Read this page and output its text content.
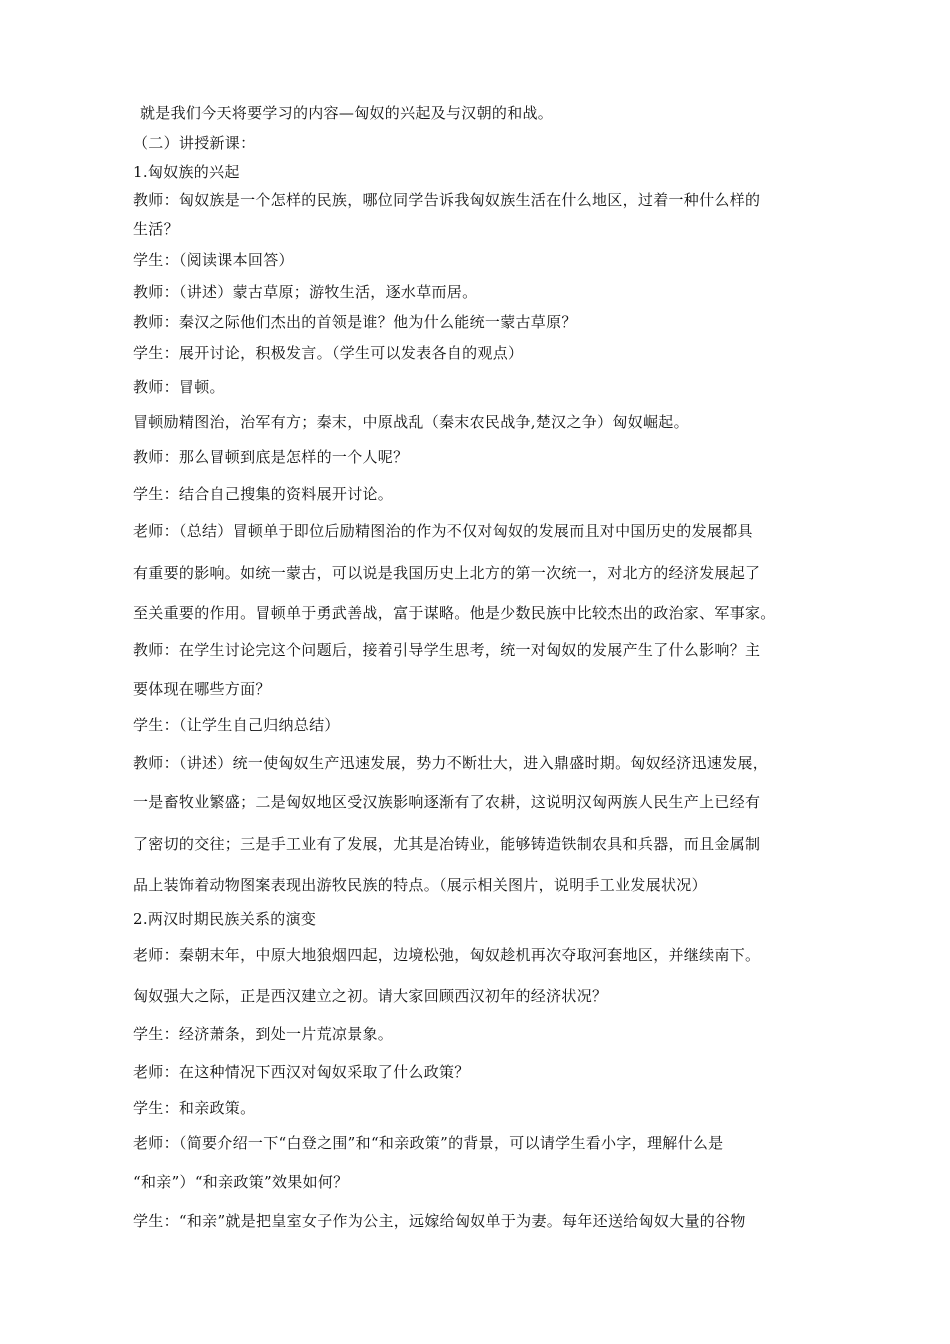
就是我们今天将要学习的内容—匈奴的兴起及与汉朝的和战。
（二）讲授新课：
1.匈奴族的兴起
教师：匈奴族是一个怎样的民族，哪位同学告诉我匈奴族生活在什么地区，过着一种什么样的
生活？
学生：（阅读课本回答）
教师：（讲述）蒙古草原；游牧生活，逐水草而居。
教师：秦汉之际他们杰出的首领是谁？他为什么能统一蒙古草原？
学生：展开讨论，积极发言。（学生可以发表各自的观点）
教师：冒顿。
冒顿励精图治，治军有方；秦末，中原战乱（秦末农民战争,楚汉之争）匈奴崛起。
教师：那么冒顿到底是怎样的一个人呢？
学生：结合自己搜集的资料展开讨论。
老师：（总结）冒顿单于即位后励精图治的作为不仅对匈奴的发展而且对中国历史的发展都具
有重要的影响。如统一蒙古，可以说是我国历史上北方的第一次统一，对北方的经济发展起了
至关重要的作用。冒顿单于勇武善战，富于谋略。他是少数民族中比较杰出的政治家、军事家。
教师：在学生讨论完这个问题后，接着引导学生思考，统一对匈奴的发展产生了什么影响？主
要体现在哪些方面？
学生：（让学生自己归纳总结）
教师：（讲述）统一使匈奴生产迅速发展，势力不断壮大，进入鼎盛时期。匈奴经济迅速发展，
一是畜牧业繁盛；二是匈奴地区受汉族影响逐渐有了农耕，这说明汉匈两族人民生产上已经有
了密切的交往；三是手工业有了发展，尤其是冶铸业，能够铸造铁制农具和兵器，而且金属制
品上装饰着动物图案表现出游牧民族的特点。（展示相关图片，说明手工业发展状况）
2.两汉时期民族关系的演变
老师：秦朝末年，中原大地狼烟四起，边境松弛，匈奴趁机再次夺取河套地区，并继续南下。
匈奴强大之际，正是西汉建立之初。请大家回顾西汉初年的经济状况？
学生：经济萧条，到处一片荒凉景象。
老师：在这种情况下西汉对匈奴采取了什么政策？
学生：和亲政策。
老师：（简要介绍一下“白登之围”和“和亲政策”的背景，可以请学生看小字，理解什么是
“和亲”）“和亲政策”效果如何？
学生：“和亲”就是把皇室女子作为公主，远嫁给匈奴单于为妻。每年还送给匈奴大量的谷物
